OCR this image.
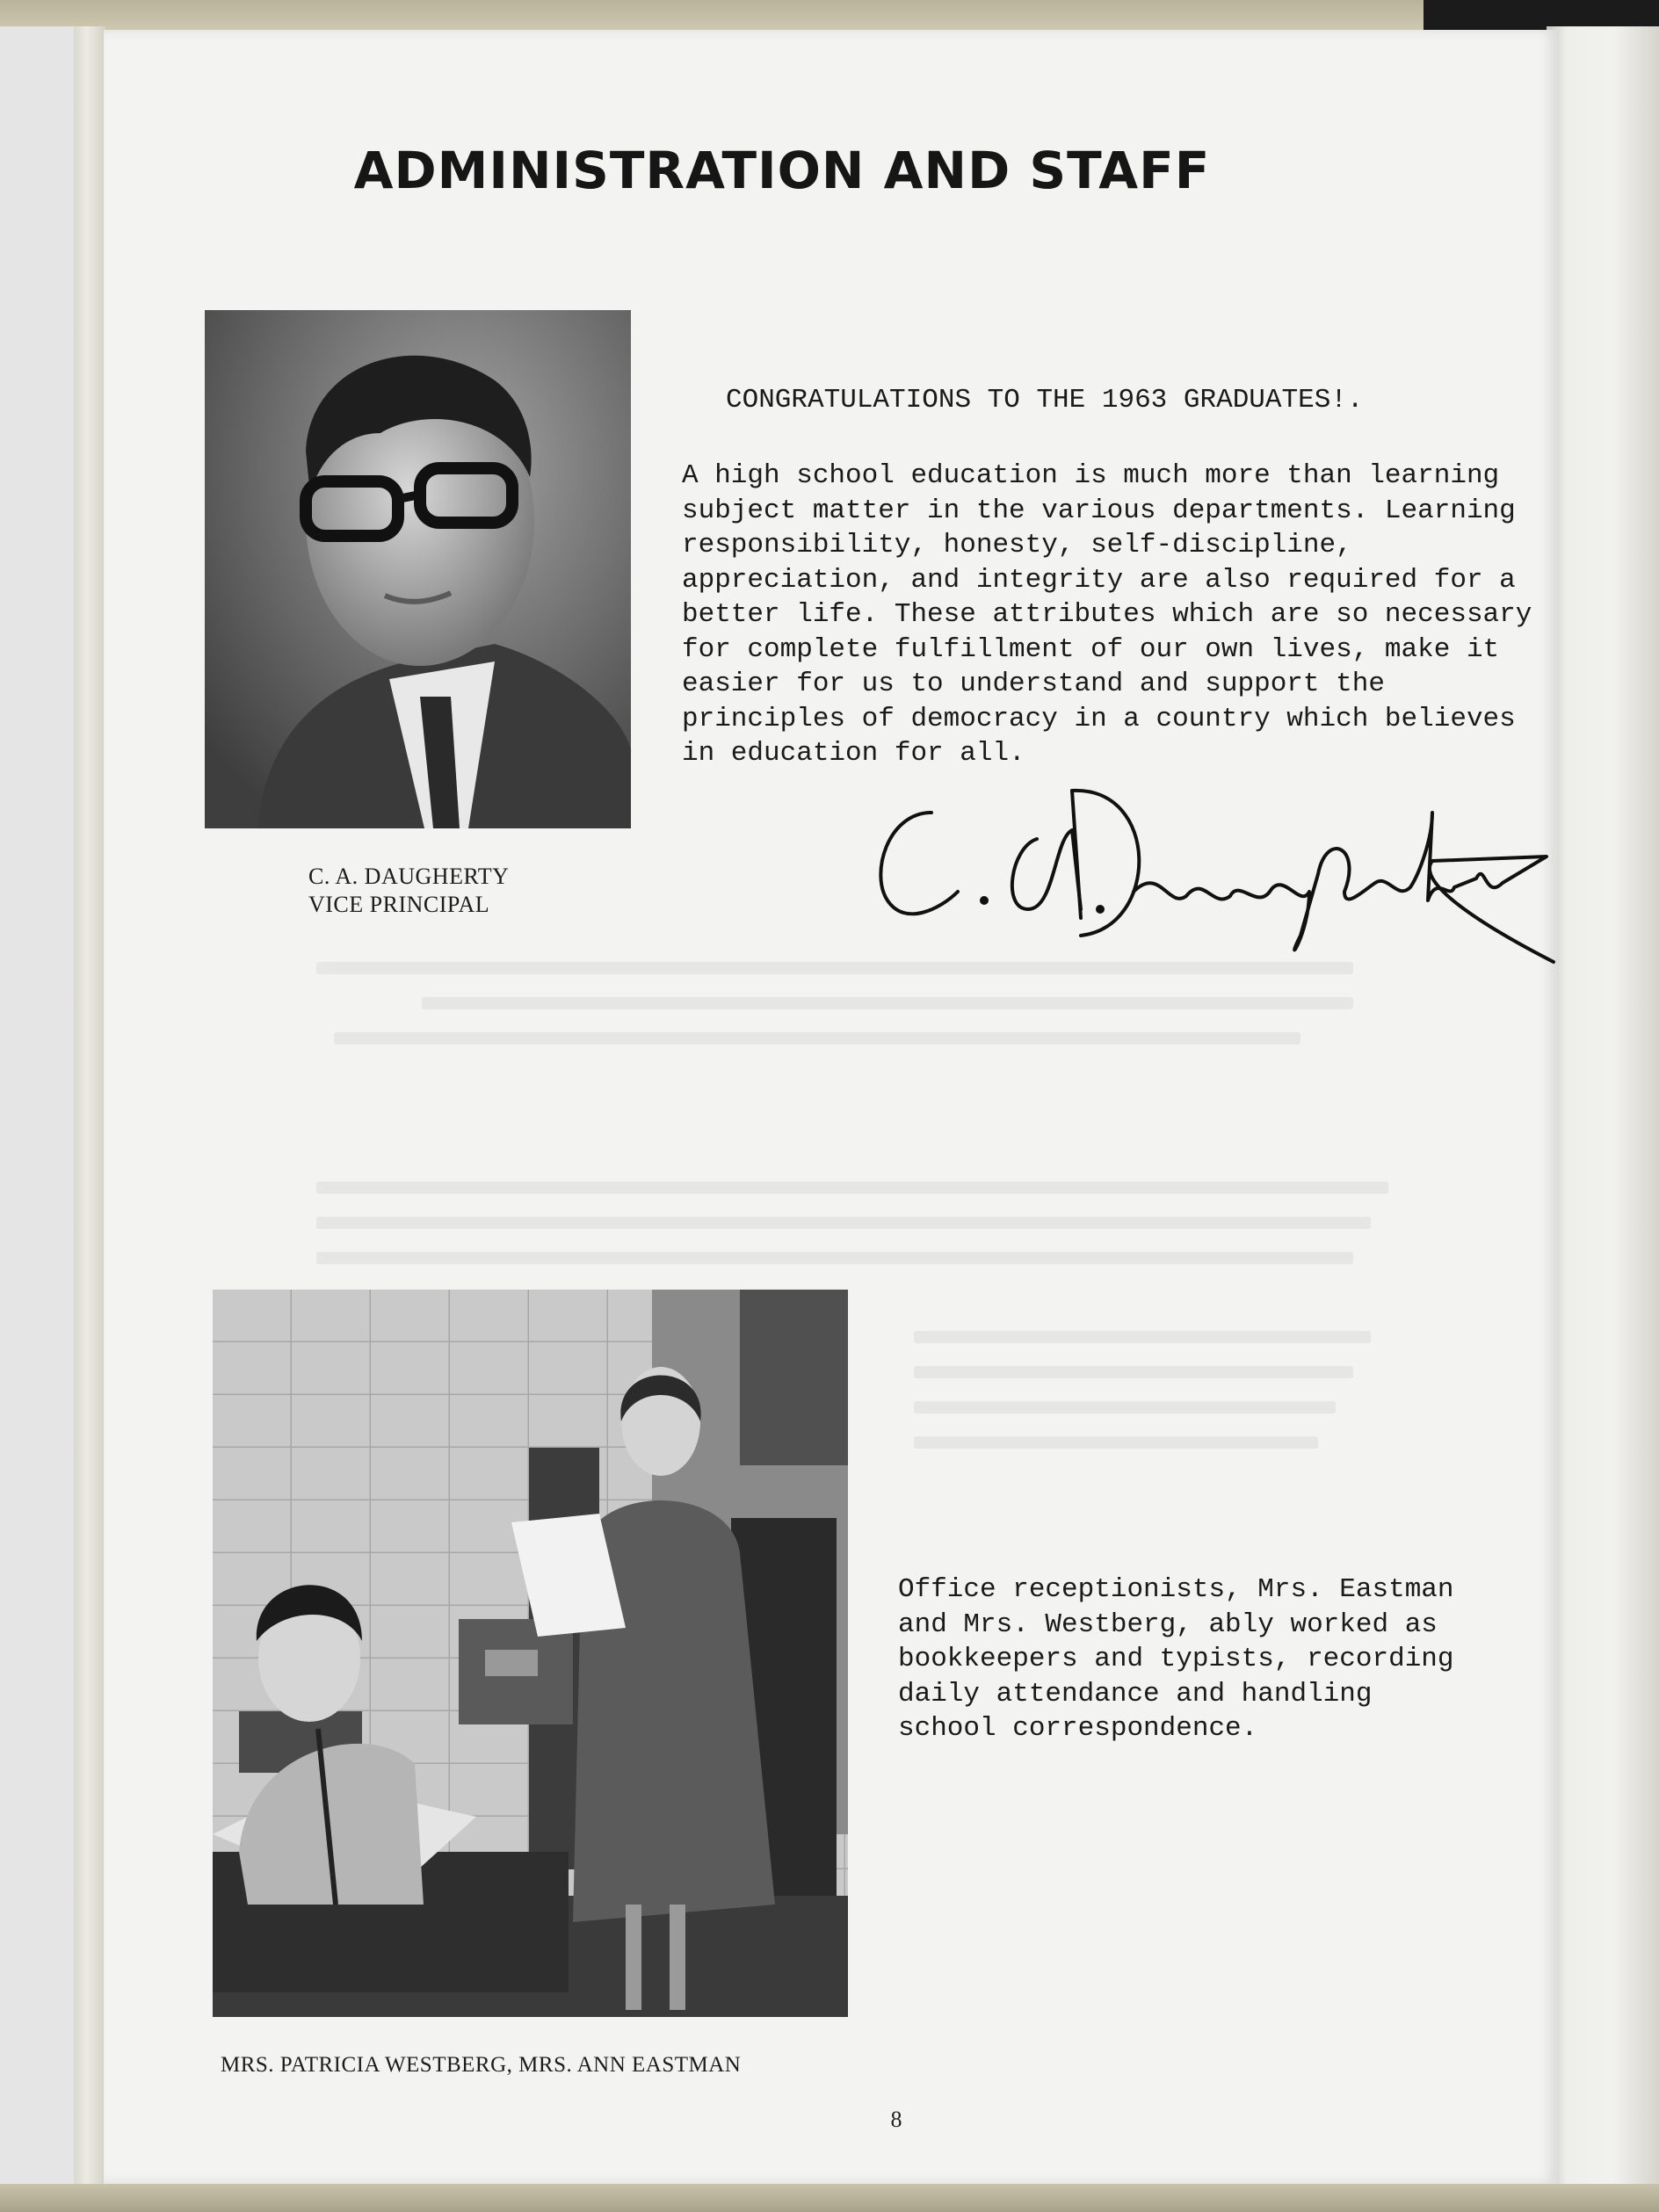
ADMINISTRATION AND STAFF

C. A. DAUGHERTY

VICE PRINCIPAL

CONGRATULATIONS TO THE 1963 GRADUATES!.

A high school education is much more than learning subject matter in the various departments. Learning responsibility, honesty, self-discipline, appreciation, and integrity are also required for a better life. These attributes which are so necessary for complete fulfillment of our own lives, make it easier for us to understand and support the principles of democracy in a country which believes in education for all.

Office receptionists, Mrs. Eastman and Mrs. Westberg, ably worked as bookkeepers and typists, recording daily attendance and handling school correspondence.

MRS. PATRICIA WESTBERG, MRS. ANN EASTMAN

8
